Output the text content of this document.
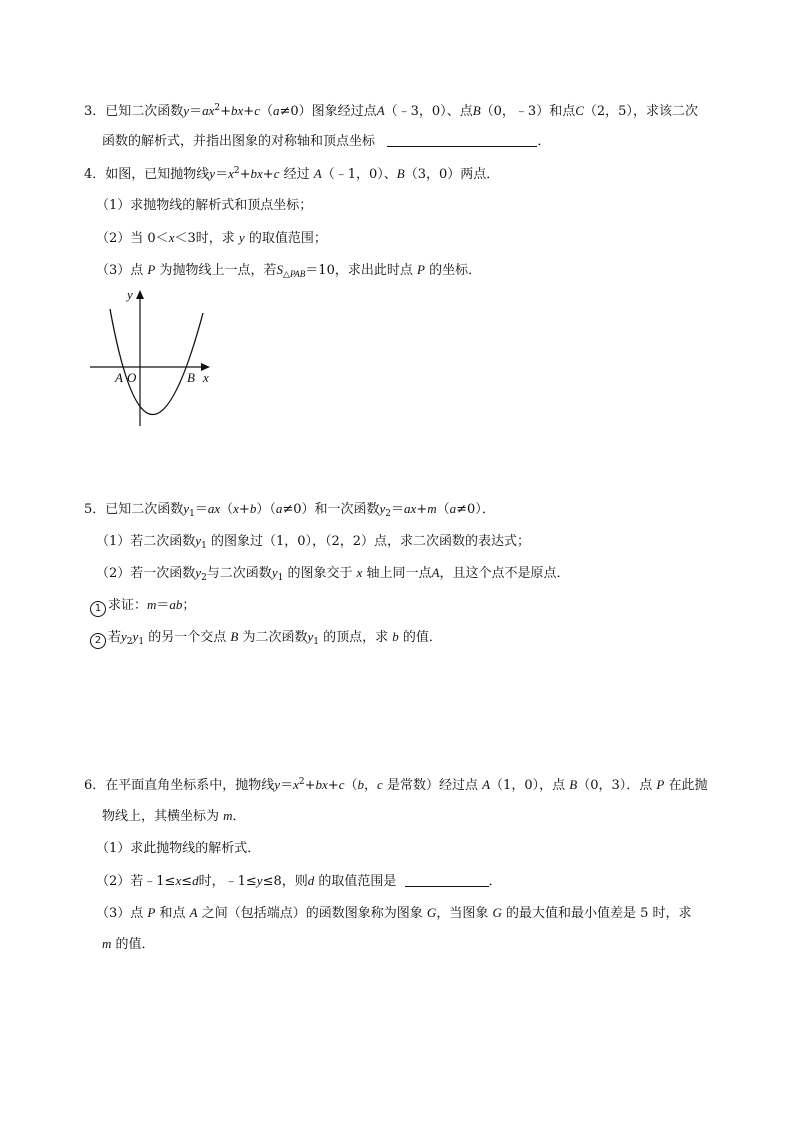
3．已知二次函数$y=ax^2+bx+c(a\ne 0)$图象经过点A（﹣3，0）、点B（0，﹣3）和点C（2，5），求该二次
函数的解析式，并指出图象的对称轴和顶点坐标	．
4．如图，已知抛物线$y=x^2+bx+c$ 经过 A（﹣1，0）、B（3，0）两点．
（1）求抛物线的解析式和顶点坐标；
（2）当 0＜x＜3时，求 y 的取值范围；
（3）点 P 为抛物线上一点，若$S_{\triangle PAB}=10$，求出此时点 P 的坐标．
y
x
A O	B
5．已知二次函数$y_1=ax(x+b)(a\ne 0)$和一次函数$y_2=ax+m(a\ne 0)$．
（1）若二次函数$y_1$ 的图象过（1，0），（2，2）点，求二次函数的表达式；
（2）若一次函数$y_2$与二次函数$y_1$ 的图象交于 x 轴上同一点A，且这个点不是原点．
1 求证：m＝ab；
2 若$y_2y_1$ 的另一个交点 B 为二次函数$y_1$ 的顶点，求 b 的值．
6．在平面直角坐标系中，抛物线$y=x^2+bx+c(b$，c 是常数）经过点 A（1，0），点 B（0，3）．点 P 在此抛
物线上，其横坐标为 m．
（1）求此抛物线的解析式．
（2）若﹣1≤x≤d时，﹣1≤y≤8，则d 的取值范围是	．
（3）点 P 和点 A 之间（包括端点）的函数图象称为图象 G，当图象 G 的最大值和最小值差是 5 时，求
m 的值．
